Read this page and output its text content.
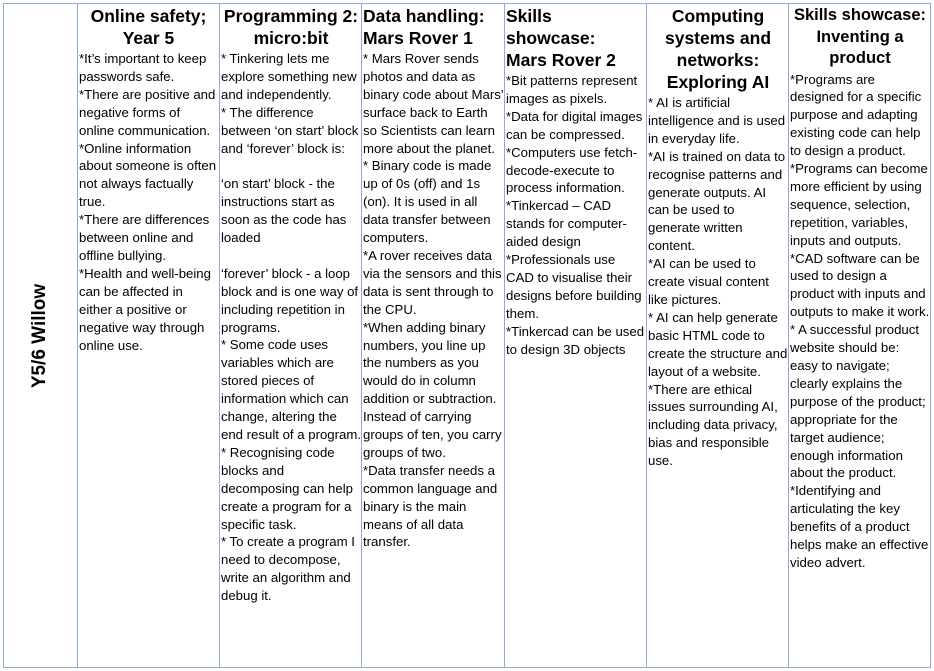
Y5/6 Willow
Online safety;
Year 5

*It’s important to keep passwords safe.

*There are positive and negative forms of online communication.

*Online information about someone is often not always factually true.

*There are differences between online and offline bullying.

*Health and well-being can be affected in either a positive or negative way through online use.

Programming 2:
micro:bit

* Tinkering lets me explore something new and independently.

* The difference between ‘on start’ block and ‘forever’ block is:

‘on start’ block - the instructions start as soon as the code has loaded

‘forever’ block - a loop block and is one way of including repetition in programs.

* Some code uses variables which are stored pieces of information which can change, altering the end result of a program.

* Recognising code blocks and decomposing can help create a program for a specific task.

* To create a program I need to decompose, write an algorithm and debug it.

Data handling:
Mars Rover 1

* Mars Rover sends photos and data as binary code about Mars’ surface back to Earth so Scientists can learn more about the planet.

* Binary code is made up of 0s (off) and 1s (on). It is used in all data transfer between computers.

*A rover receives data via the sensors and this data is sent through to the CPU.

*When adding binary numbers, you line up the numbers as you would do in column addition or subtraction. Instead of carrying groups of ten, you carry groups of two.

*Data transfer needs a common language and binary is the main means of all data transfer.

Skills showcase:
Mars Rover 2

*Bit patterns represent images as pixels.

*Data for digital images can be compressed.

*Computers use fetch-decode-execute to process information.

*Tinkercad – CAD stands for computer-aided design

*Professionals use CAD to visualise their designs before building them.

*Tinkercad can be used to design 3D objects

Computing
systems and
networks:
Exploring AI

* AI is artificial intelligence and is used in everyday life.

*AI is trained on data to recognise patterns and generate outputs. AI can be used to generate written content.

*AI can be used to create visual content like pictures.

* AI can help generate basic HTML code to create the structure and layout of a website.

*There are ethical issues surrounding AI, including data privacy, bias and responsible use.

Skills showcase:
Inventing a
product

*Programs are designed for a specific purpose and adapting existing code can help to design a product.

*Programs can become more efficient by using sequence, selection, repetition, variables, inputs and outputs.

*CAD software can be used to design a product with inputs and outputs to make it work.

* A successful product website should be: easy to navigate; clearly explains the purpose of the product; appropriate for the target audience; enough information about the product.

*Identifying and articulating the key benefits of a product helps make an effective video advert.
